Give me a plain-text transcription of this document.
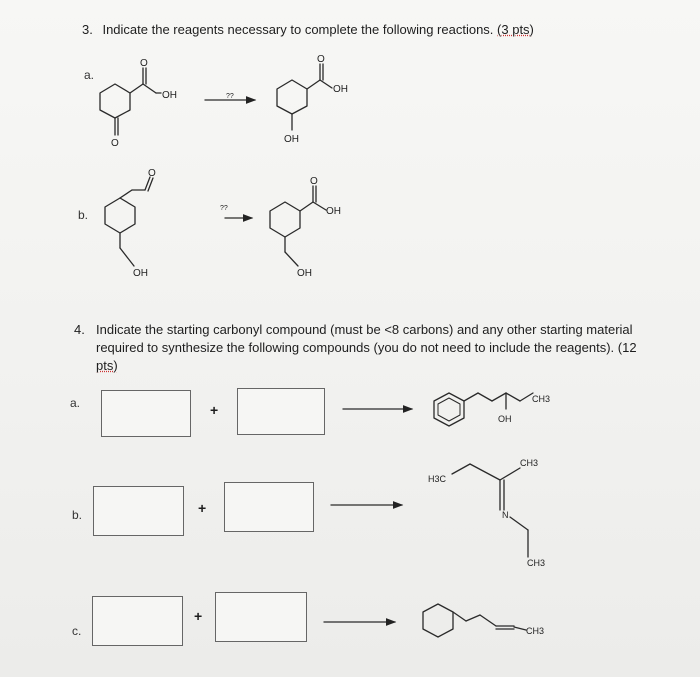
3. Indicate the reagents necessary to complete the following reactions. (3 pts)
a.
b.
4. Indicate the starting carbonyl compound (must be <8 carbons) and any other starting material
required to synthesize the following compounds (you do not need to include the reagents). (12
pts)
a.
b.
c.
+
+
+
O
O
OH	??
OH
O
OH
O
OH
??
O
OH
OH
OH
CH3
H3C
CH3
N
CH3
CH3
